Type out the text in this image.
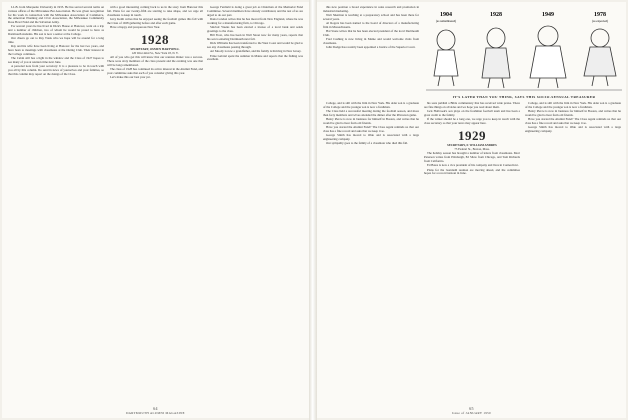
LL.B. from Marquette University in 1935. He has served several terms on various offices of the Milwaukee Bar Association. He was given recognition for his work in connection with the Milwaukee Association of Commerce, the American Planning and Civic Association, the Milwaukee Community Rose Bowl Fund and the Salvation Army.

For several years he has lived in Dick's House at Hanover, went on a trip and a number of children, two of whom he would be proud to have as Dartmouth students. His son is now a senior at the College.

Our cheers go out to Ray Trask who we hope will be around for a long time.

Ray and his wife have been living at Hanover for the last two years, and have been to meetings with classmates at the Outing Club. Their interest in the College continues.

The Cabin still has a light in the window and the Class of 1927 hopes to see many of you at reunion time next June.

A personal note from your secretary: It is a pleasure to be in touch with you all by this column. Do send in news of yourselves and your families, so that this column may report on the doings of the Class.

with a good interesting coming back to us in the story from Hanover this fall. Plans for our twenty-fifth are starting to take shape, and we urge all classmates to keep in touch.

Jerry Keith writes that he enjoyed seeing the football games this fall with the Class of 1928 gathering before and after each game.

Have a happy and prosperous New Year.

1928

SECRETARY, OSMUN HARTWELL

120 West 42nd St., New York 18, N. Y.

All of you who get this will know that our reunion dinner was a success. There were sixty members of the class present and the evening was one that will be long remembered.

The class of 1928 has continued its active interest in the Alumni Fund, and your committee asks that each of you consider giving this year.

Let's make this our best year yet.

George Fenfield is doing a great job as Chairman of the Memorial Fund Committee. Several members have already contributed, and the rest of us are urged to do our part.

Dana Condon writes that he has moved from New England, where he was working for a manufacturing firm, to Chicago.

Sinclair Weeks has been elected a trustee of a local bank and sends greetings to the class.

Bill Frost, who has been in Wall Street now for many years, reports that his son is entering Dartmouth next fall.

Dick Williams has been transferred to the West Coast and would be glad to see any classmates passing through.

Art Moody is now a grandfather, and his family is thriving in New Jersey.

Ernie Gabriel spent the summer in Maine and reports that the fishing was excellent.

64
DARTMOUTH ALUMNI MAGAZINE

College, and is still with the firm in New York. His older son is a graduate of the College and the younger son is now a freshman.

The Class held a successful meeting during the football season, and more than forty members and wives attended the dinner after the Princeton game.

Henry Pierce is now in business for himself in Boston, and writes that he would be glad to hear from old friends.

Have you started the Alumni Fund? The Class Agent reminds us that our class has a fine record and asks that we keep it so.

George Smith has moved to Ohio and is associated with a large engineering company.

Our sympathy goes to the family of a classmate who died this fall.

this new position a broad experience in sales research and promotion in industrial marketing.

Walt Sherman is teaching at a preparatory school and has been there for several years.

Al Rogers has been named to the board of directors of a manufacturing firm in Massachusetts.

Hal Stone writes that he has been elected president of the local Dartmouth Club.

Fred Cushing is now living in Maine and would welcome visits from classmates.

John Dodge has recently been appointed a Justice of the Superior Court.

1904
(as remembered)
1928	1949	1978
(as expected)
IT'S LATER THAN YOU THINK, SAYS THIS SOCIO-SENSUAL TREASURER

his sons publish a Bible commentary that has received wide praise. There are fine things on all sides and we hope you read about them.

Jack Holbrook's son plays on the freshman football team and has been a great credit to the family.

If the winter should be a long one, we urge you to keep in touch with the class secretary so that your news may appear here.

1929

SECRETARY, F. WILLIAM ANDRES

75 Federal St., Boston, Mass.

The holiday season has brought a number of letters from classmates. Mort Peterson writes from Pittsburgh, Ed Shaw from Chicago, and Tom Richards from California.

Ed Bates is now a vice president of his company and lives in Connecticut.

Plans for the twentieth reunion are moving ahead, and the committee hopes for a record turnout in June.

College, and is still with the firm in New York. His older son is a graduate of the College and the younger son is now a freshman.

Henry Pierce is now in business for himself in Boston, and writes that he would be glad to hear from old friends.

Have you started the Alumni Fund? The Class Agent reminds us that our class has a fine record and asks that we keep it so.

George Smith has moved to Ohio and is associated with a large engineering company.

65
Issue of JANUARY 1950
